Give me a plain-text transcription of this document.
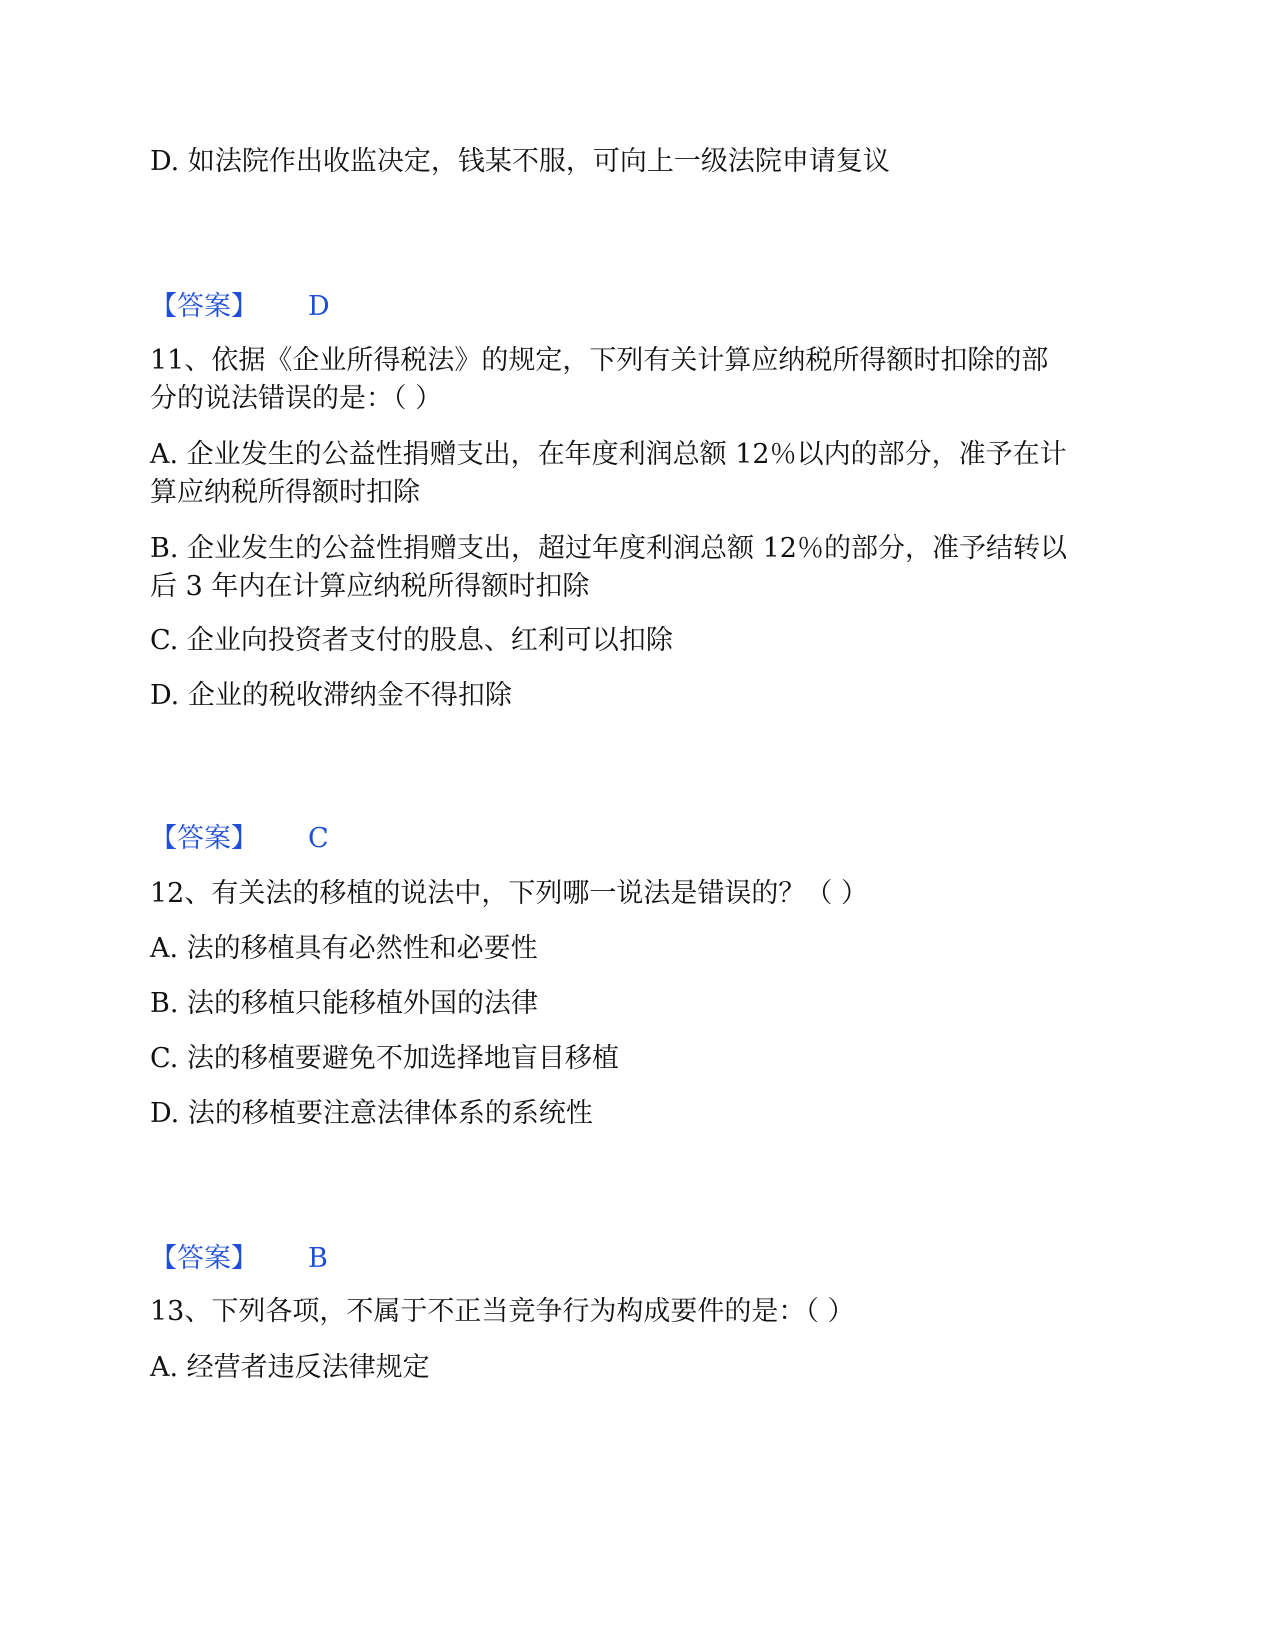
D. 如法院作出收监决定，钱某不服，可向上一级法院申请复议
【答案】 D
11、依据《企业所得税法》的规定，下列有关计算应纳税所得额时扣除的部
分的说法错误的是：（ ）
A. 企业发生的公益性捐赠支出，在年度利润总额 12％以内的部分，准予在计
算应纳税所得额时扣除
B. 企业发生的公益性捐赠支出，超过年度利润总额 12％的部分，准予结转以
后 3 年内在计算应纳税所得额时扣除
C. 企业向投资者支付的股息、红利可以扣除
D. 企业的税收滞纳金不得扣除
【答案】 C
12、有关法的移植的说法中，下列哪一说法是错误的？（ ）
A. 法的移植具有必然性和必要性
B. 法的移植只能移植外国的法律
C. 法的移植要避免不加选择地盲目移植
D. 法的移植要注意法律体系的系统性
【答案】 B
13、下列各项，不属于不正当竞争行为构成要件的是：（ ）
A. 经营者违反法律规定
